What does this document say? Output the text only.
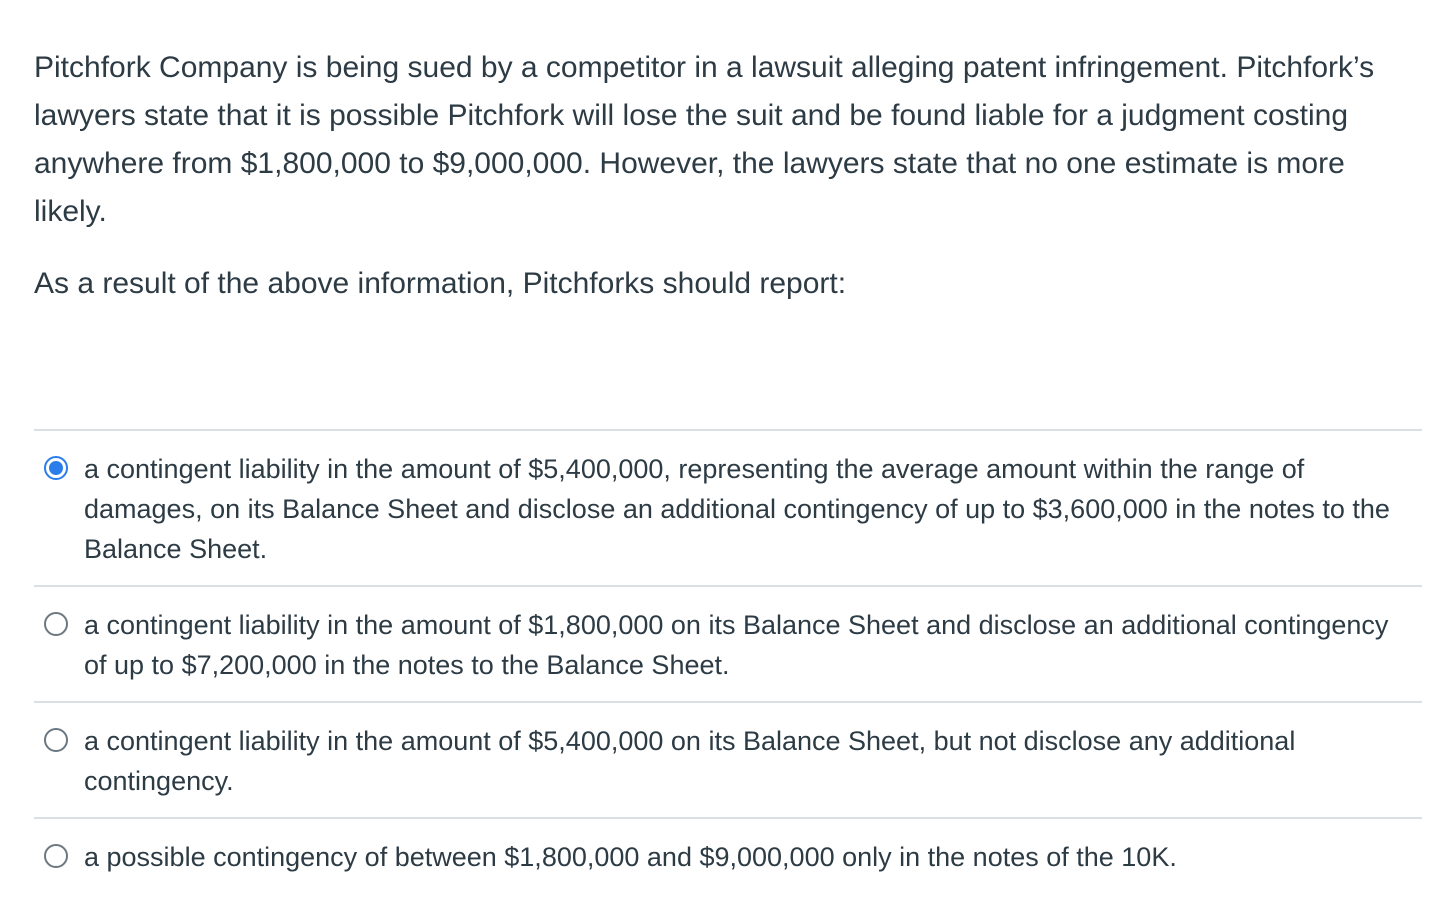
Pitchfork Company is being sued by a competitor in a lawsuit alleging patent infringement. Pitchfork’s lawyers state that it is possible Pitchfork will lose the suit and be found liable for a judgment costing anywhere from $1,800,000 to $9,000,000. However, the lawyers state that no one estimate is more likely.

As a result of the above information, Pitchforks should report:

a contingent liability in the amount of $5,400,000, representing the average amount within the range of damages, on its Balance Sheet and disclose an additional contingency of up to $3,600,000 in the notes to the Balance Sheet.
a contingent liability in the amount of $1,800,000 on its Balance Sheet and disclose an additional contingency of up to $7,200,000 in the notes to the Balance Sheet.
a contingent liability in the amount of $5,400,000 on its Balance Sheet, but not disclose any additional contingency.
a possible contingency of between $1,800,000 and $9,000,000 only in the notes of the 10K.
